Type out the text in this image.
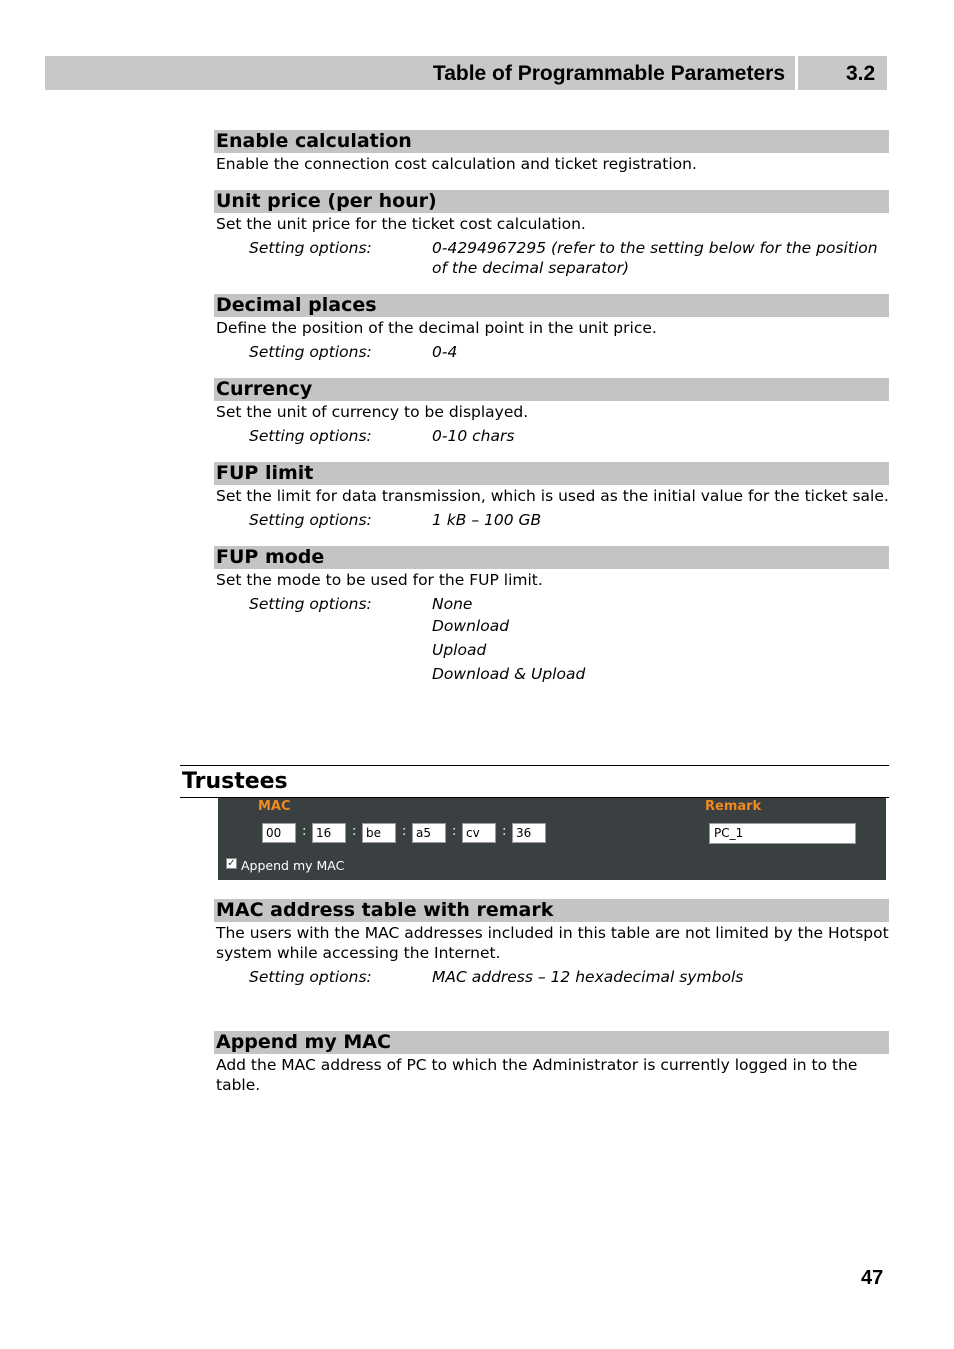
Table of Programmable Parameters	3.2
Enable calculation
Enable the connection cost calculation and ticket registration.
Unit price (per hour)
Set the unit price for the ticket cost calculation.
Setting options:	0-4294967295 (refer to the setting below for the position of the decimal separator)
Decimal places
Define the position of the decimal point in the unit price.
Setting options:	0-4
Currency
Set the unit of currency to be displayed.
Setting options:	0-10 chars
FUP limit
Set the limit for data transmission, which is used as the initial value for the ticket sale.
Setting options:	1 kB – 100 GB
FUP mode
Set the mode to be used for the FUP limit.
Setting options:	None
Download
Upload
Download & Upload
Trustees
MAC	Remark
00	: 16	: be	: a5	: cv	: 36	PC_1
✓ Append my MAC
MAC address table with remark
The users with the MAC addresses included in this table are not limited by the Hotspot system while accessing the Internet.
Setting options:	MAC address – 12 hexadecimal symbols
Append my MAC
Add the MAC address of PC to which the Administrator is currently logged in to the table.
47
